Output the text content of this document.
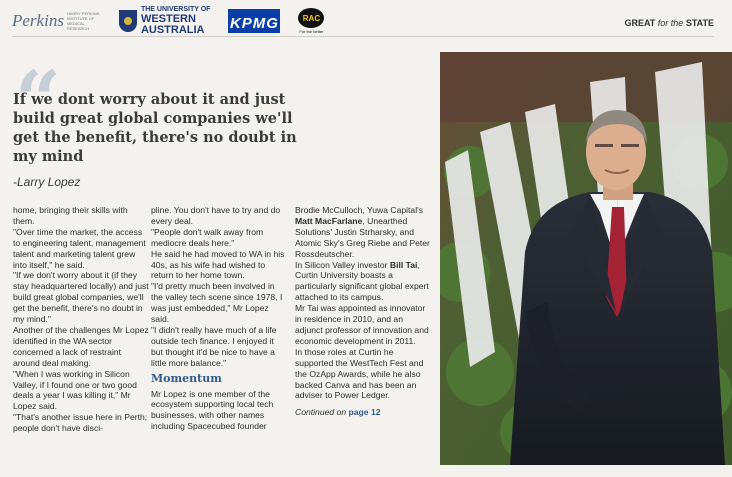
Perkins HARRY PERKINS INSTITUTE OF MEDICAL RESEARCH
THE UNIVERSITY OF
WESTERN
AUSTRALIA	KPMG	RAC
For the better
GREAT for the STATE
“
If we dont worry about it and just build great global companies we'll get the benefit, there's no doubt in my mind
-Larry Lopez

home, bringing their skills with them.

"Over time the market, the access to engineering talent, management talent and marketing talent grew into itself," he said.

"If we don't worry about it (if they stay headquartered locally) and just build great global companies, we'll get the benefit, there's no doubt in my mind."

Another of the challenges Mr Lopez identified in the WA sector concerned a lack of restraint around deal making.

"When I was working in Silicon Valley, if I found one or two good deals a year I was killing it," Mr Lopez said.

"That's another issue here in Perth; people don't have disci-

pline. You don't have to try and do every deal.

"People don't walk away from mediocre deals here."

He said he had moved to WA in his 40s, as his wife had wished to return to her home town.

"I'd pretty much been involved in the valley tech scene since 1978, I was just embedded," Mr Lopez said.

"I didn't really have much of a life outside tech finance. I enjoyed it but thought it'd be nice to have a little more balance."

Momentum

Mr Lopez is one member of the ecosystem supporting local tech businesses, with other names including Spacecubed founder

Brodie McCulloch, Yuwa Capital's Matt MacFarlane, Unearthed Solutions' Justin Strharsky, and Atomic Sky's Greg Riebe and Peter Rossdeutscher.

In Silicon Valley investor Bill Tai, Curtin University boasts a particularly significant global expert attached to its campus.

Mr Tai was appointed as innovator in residence in 2010, and an adjunct professor of innovation and economic development in 2011.

In those roles at Curtin he supported the WestTech Fest and the OzApp Awards, while he also backed Canva and has been an adviser to Power Ledger.

Continued on page 12
